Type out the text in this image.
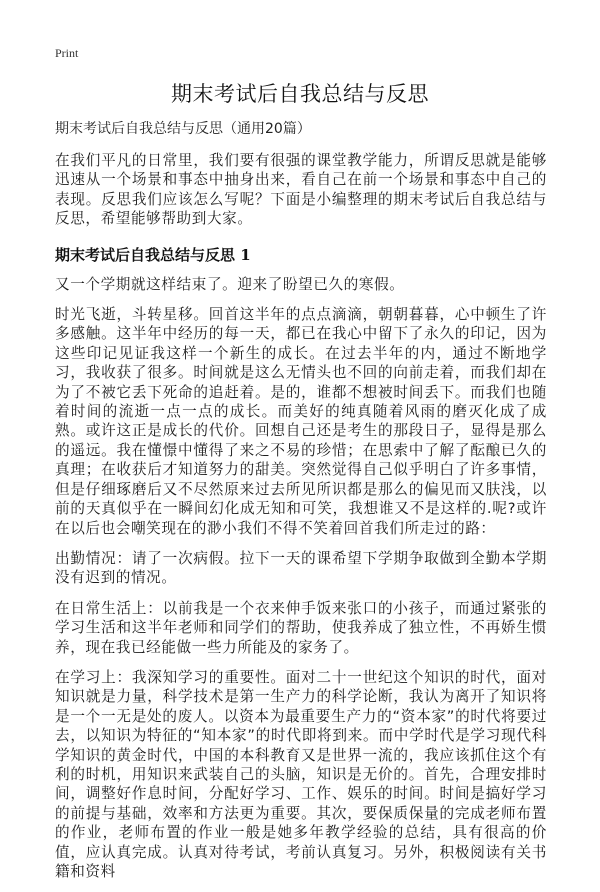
Print
期末考试后自我总结与反思
期末考试后自我总结与反思（通用20篇）

在我们平凡的日常里，我们要有很强的课堂教学能力，所谓反思就是能够迅速从一个场景和事态中抽身出来，看自己在前一个场景和事态中自己的表现。反思我们应该怎么写呢？下面是小编整理的期末考试后自我总结与反思，希望能够帮助到大家。

期末考试后自我总结与反思 1

又一个学期就这样结束了。迎来了盼望已久的寒假。

时光飞逝，斗转星移。回首这半年的点点滴滴，朝朝暮暮，心中顿生了许多感触。这半年中经历的每一天，都已在我心中留下了永久的印记，因为这些印记见证我这样一个新生的成长。在过去半年的内，通过不断地学习，我收获了很多。时间就是这么无情头也不回的向前走着，而我们却在为了不被它丢下死命的追赶着。是的，谁都不想被时间丢下。而我们也随着时间的流逝一点一点的成长。而美好的纯真随着风雨的磨灭化成了成熟。或许这正是成长的代价。回想自己还是考生的那段日子，显得是那么的遥远。我在懂憬中懂得了来之不易的珍惜；在思索中了解了酝酿已久的真理；在收获后才知道努力的甜美。突然觉得自己似乎明白了许多事情，但是仔细琢磨后又不尽然原来过去所见所识都是那么的偏见而又肤浅，以前的天真似乎在一瞬间幻化成无知和可笑，我想谁又不是这样的.呢?或许在以后也会嘲笑现在的渺小我们不得不笑着回首我们所走过的路：

出勤情况：请了一次病假。拉下一天的课希望下学期争取做到全勤本学期没有迟到的情况。

在日常生活上：以前我是一个衣来伸手饭来张口的小孩子，而通过紧张的学习生活和这半年老师和同学们的帮助，使我养成了独立性，不再娇生惯养，现在我已经能做一些力所能及的家务了。

在学习上：我深知学习的重要性。面对二十一世纪这个知识的时代，面对知识就是力量，科学技术是第一生产力的科学论断，我认为离开了知识将是一个一无是处的废人。以资本为最重要生产力的“资本家”的时代将要过去，以知识为特征的“知本家”的时代即将到来。而中学时代是学习现代科学知识的黄金时代，中国的本科教育又是世界一流的，我应该抓住这个有利的时机，用知识来武装自己的头脑，知识是无价的。首先，合理安排时间，调整好作息时间，分配好学习、工作、娱乐的时间。时间是搞好学习的前提与基础，效率和方法更为重要。其次，要保质保量的完成老师布置的作业，老师布置的作业一般是她多年教学经验的总结，具有很高的价值，应认真完成。认真对待考试，考前认真复习。另外，积极阅读有关书籍和资料
